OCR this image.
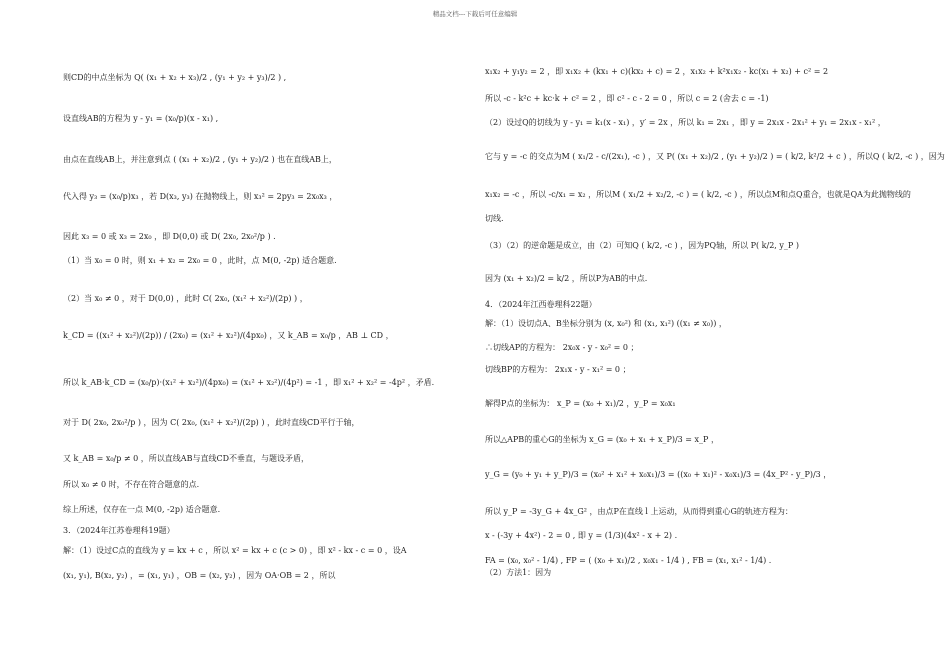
精品文档---下载后可任意编辑
则CD的中点坐标为 Q( (x₁ + x₂ + x₃)/2 , (y₁ + y₂ + y₃)/2 ) ,
设直线AB的方程为 y - y₁ = (x₀/p)(x - x₁) ,
由点在直线AB上，并注意到点 ( (x₁ + x₂)/2 , (y₁ + y₂)/2 ) 也在直线AB上，
代入得 y₃ = (x₀/p)x₃ ，若 D(x₃, y₃) 在抛物线上，则 x₃² = 2py₃ = 2x₀x₃ ，
因此 x₃ = 0 或 x₃ = 2x₀ ，即 D(0,0) 或 D( 2x₀, 2x₀²/p ) .
（1）当 x₀ = 0 时，则 x₁ + x₂ = 2x₀ = 0 ，此时，点 M(0, -2p) 适合题意.
（2）当 x₀ ≠ 0 ，对于 D(0,0) ，此时 C( 2x₀, (x₁² + x₂²)/(2p) ) ，
k_CD = ((x₁² + x₂²)/(2p)) / (2x₀) = (x₁² + x₂²)/(4px₀) ，又 k_AB = x₀/p ，AB ⊥ CD ，
所以 k_AB·k_CD = (x₀/p)·(x₁² + x₂²)/(4px₀) = (x₁² + x₂²)/(4p²) = -1 ，即 x₁² + x₂² = -4p² ，矛盾.
对于 D( 2x₀, 2x₀²/p ) ，因为 C( 2x₀, (x₁² + x₂²)/(2p) ) ，此时直线CD平行于轴，
又 k_AB = x₀/p ≠ 0 ，所以直线AB与直线CD不垂直，与题设矛盾，
所以 x₀ ≠ 0 时，不存在符合题意的点.
综上所述，仅存在一点 M(0, -2p) 适合题意.
3．（2024年江苏卷理科19题）
解：（1）设过C点的直线为 y = kx + c ，所以 x² = kx + c (c > 0) ，即 x² - kx - c = 0 ，设A
(x₁, y₁), B(x₂, y₂) ，= (x₁, y₁) ，OB = (x₂, y₂) ，因为 OA·OB = 2 ，所以
x₁x₂ + y₁y₂ = 2 ，即 x₁x₂ + (kx₁ + c)(kx₂ + c) = 2 ，x₁x₂ + k²x₁x₂ - kc(x₁ + x₂) + c² = 2
所以 -c - k²c + kc·k + c² = 2 ，即 c² - c - 2 = 0 ，所以 c = 2 (舍去 c = -1)
（2）设过Q的切线为 y - y₁ = k₁(x - x₁) ，y′ = 2x ，所以 k₁ = 2x₁ ，即 y = 2x₁x - 2x₁² + y₁ = 2x₁x - x₁² ，
它与 y = -c 的交点为M ( x₁/2 - c/(2x₁), -c ) ，又 P( (x₁ + x₂)/2 , (y₁ + y₂)/2 ) = ( k/2, k²/2 + c ) ，所以Q ( k/2, -c ) ，因为
x₁x₂ = -c ，所以 -c/x₁ = x₂ ，所以M ( x₁/2 + x₂/2, -c ) = ( k/2, -c ) ，所以点M和点Q重合，也就是QA为此抛物线的
切线.
（3）（2）的逆命题是成立，由（2）可知Q ( k/2, -c ) ，因为PQ轴，所以 P( k/2, y_P )
因为 (x₁ + x₂)/2 = k/2 ，所以P为AB的中点.
4．（2024年江西卷理科22题）
解：（1）设切点A、B坐标分别为 (x, x₀²) 和 (x₁, x₁²) ((x₁ ≠ x₀)) ，
∴切线AP的方程为： 2x₀x - y - x₀² = 0 ；
切线BP的方程为： 2x₁x - y - x₁² = 0 ；
解得P点的坐标为： x_P = (x₀ + x₁)/2 ，y_P = x₀x₁
所以△APB的重心G的坐标为 x_G = (x₀ + x₁ + x_P)/3 = x_P ，
y_G = (y₀ + y₁ + y_P)/3 = (x₀² + x₁² + x₀x₁)/3 = ((x₀ + x₁)² - x₀x₁)/3 = (4x_P² - y_P)/3 ，
所以 y_P = -3y_G + 4x_G² ，由点P在直线 l 上运动，从而得到重心G的轨迹方程为：
x - (-3y + 4x²) - 2 = 0 , 即 y = (1/3)(4x² - x + 2) .
FA = (x₀, x₀² - 1/4) , FP = ( (x₀ + x₁)/2 , x₀x₁ - 1/4 ) , FB = (x₁, x₁² - 1/4) .
（2）方法1：因为
